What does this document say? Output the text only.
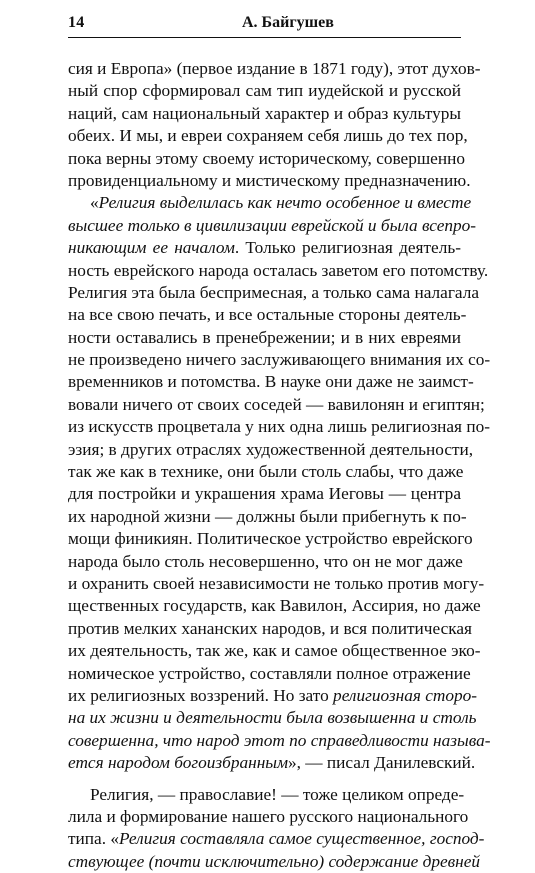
14	А. Байгушев
сия и Европа» (первое издание в 1871 году), этот духов-
ный спор сформировал сам тип иудейской и русской
наций, сам национальный характер и образ культуры
обеих. И мы, и евреи сохраняем себя лишь до тех пор,
пока верны этому своему историческому, совершенно
провиденциальному и мистическому предназначению.
«Религия выделилась как нечто особенное и вместе
высшее только в цивилизации еврейской и была всепро-
никающим ее началом. Только религиозная деятель-
ность еврейского народа осталась заветом его потомству.
Религия эта была беспримесная, а только сама налагала
на все свою печать, и все остальные стороны деятель-
ности оставались в пренебрежении; и в них евреями
не произведено ничего заслуживающего внимания их со-
временников и потомства. В науке они даже не заимст-
вовали ничего от своих соседей — вавилонян и египтян;
из искусств процветала у них одна лишь религиозная по-
эзия; в других отраслях художественной деятельности,
так же как в технике, они были столь слабы, что даже
для постройки и украшения храма Иеговы — центра
их народной жизни — должны были прибегнуть к по-
мощи финикиян. Политическое устройство еврейского
народа было столь несовершенно, что он не мог даже
и охранить своей независимости не только против могу-
щественных государств, как Вавилон, Ассирия, но даже
против мелких хананских народов, и вся политическая
их деятельность, так же, как и самое общественное эко-
номическое устройство, составляли полное отражение
их религиозных воззрений. Но зато религиозная сторо-
на их жизни и деятельности была возвышенна и столь
совершенна, что народ этот по справедливости называ-
ется народом богоизбранным», — писал Данилевский.
Религия, — православие! — тоже целиком опреде-
лила и формирование нашего русского национального
типа. «Религия составляла самое существенное, господ-
ствующее (почти исключительно) содержание древней
